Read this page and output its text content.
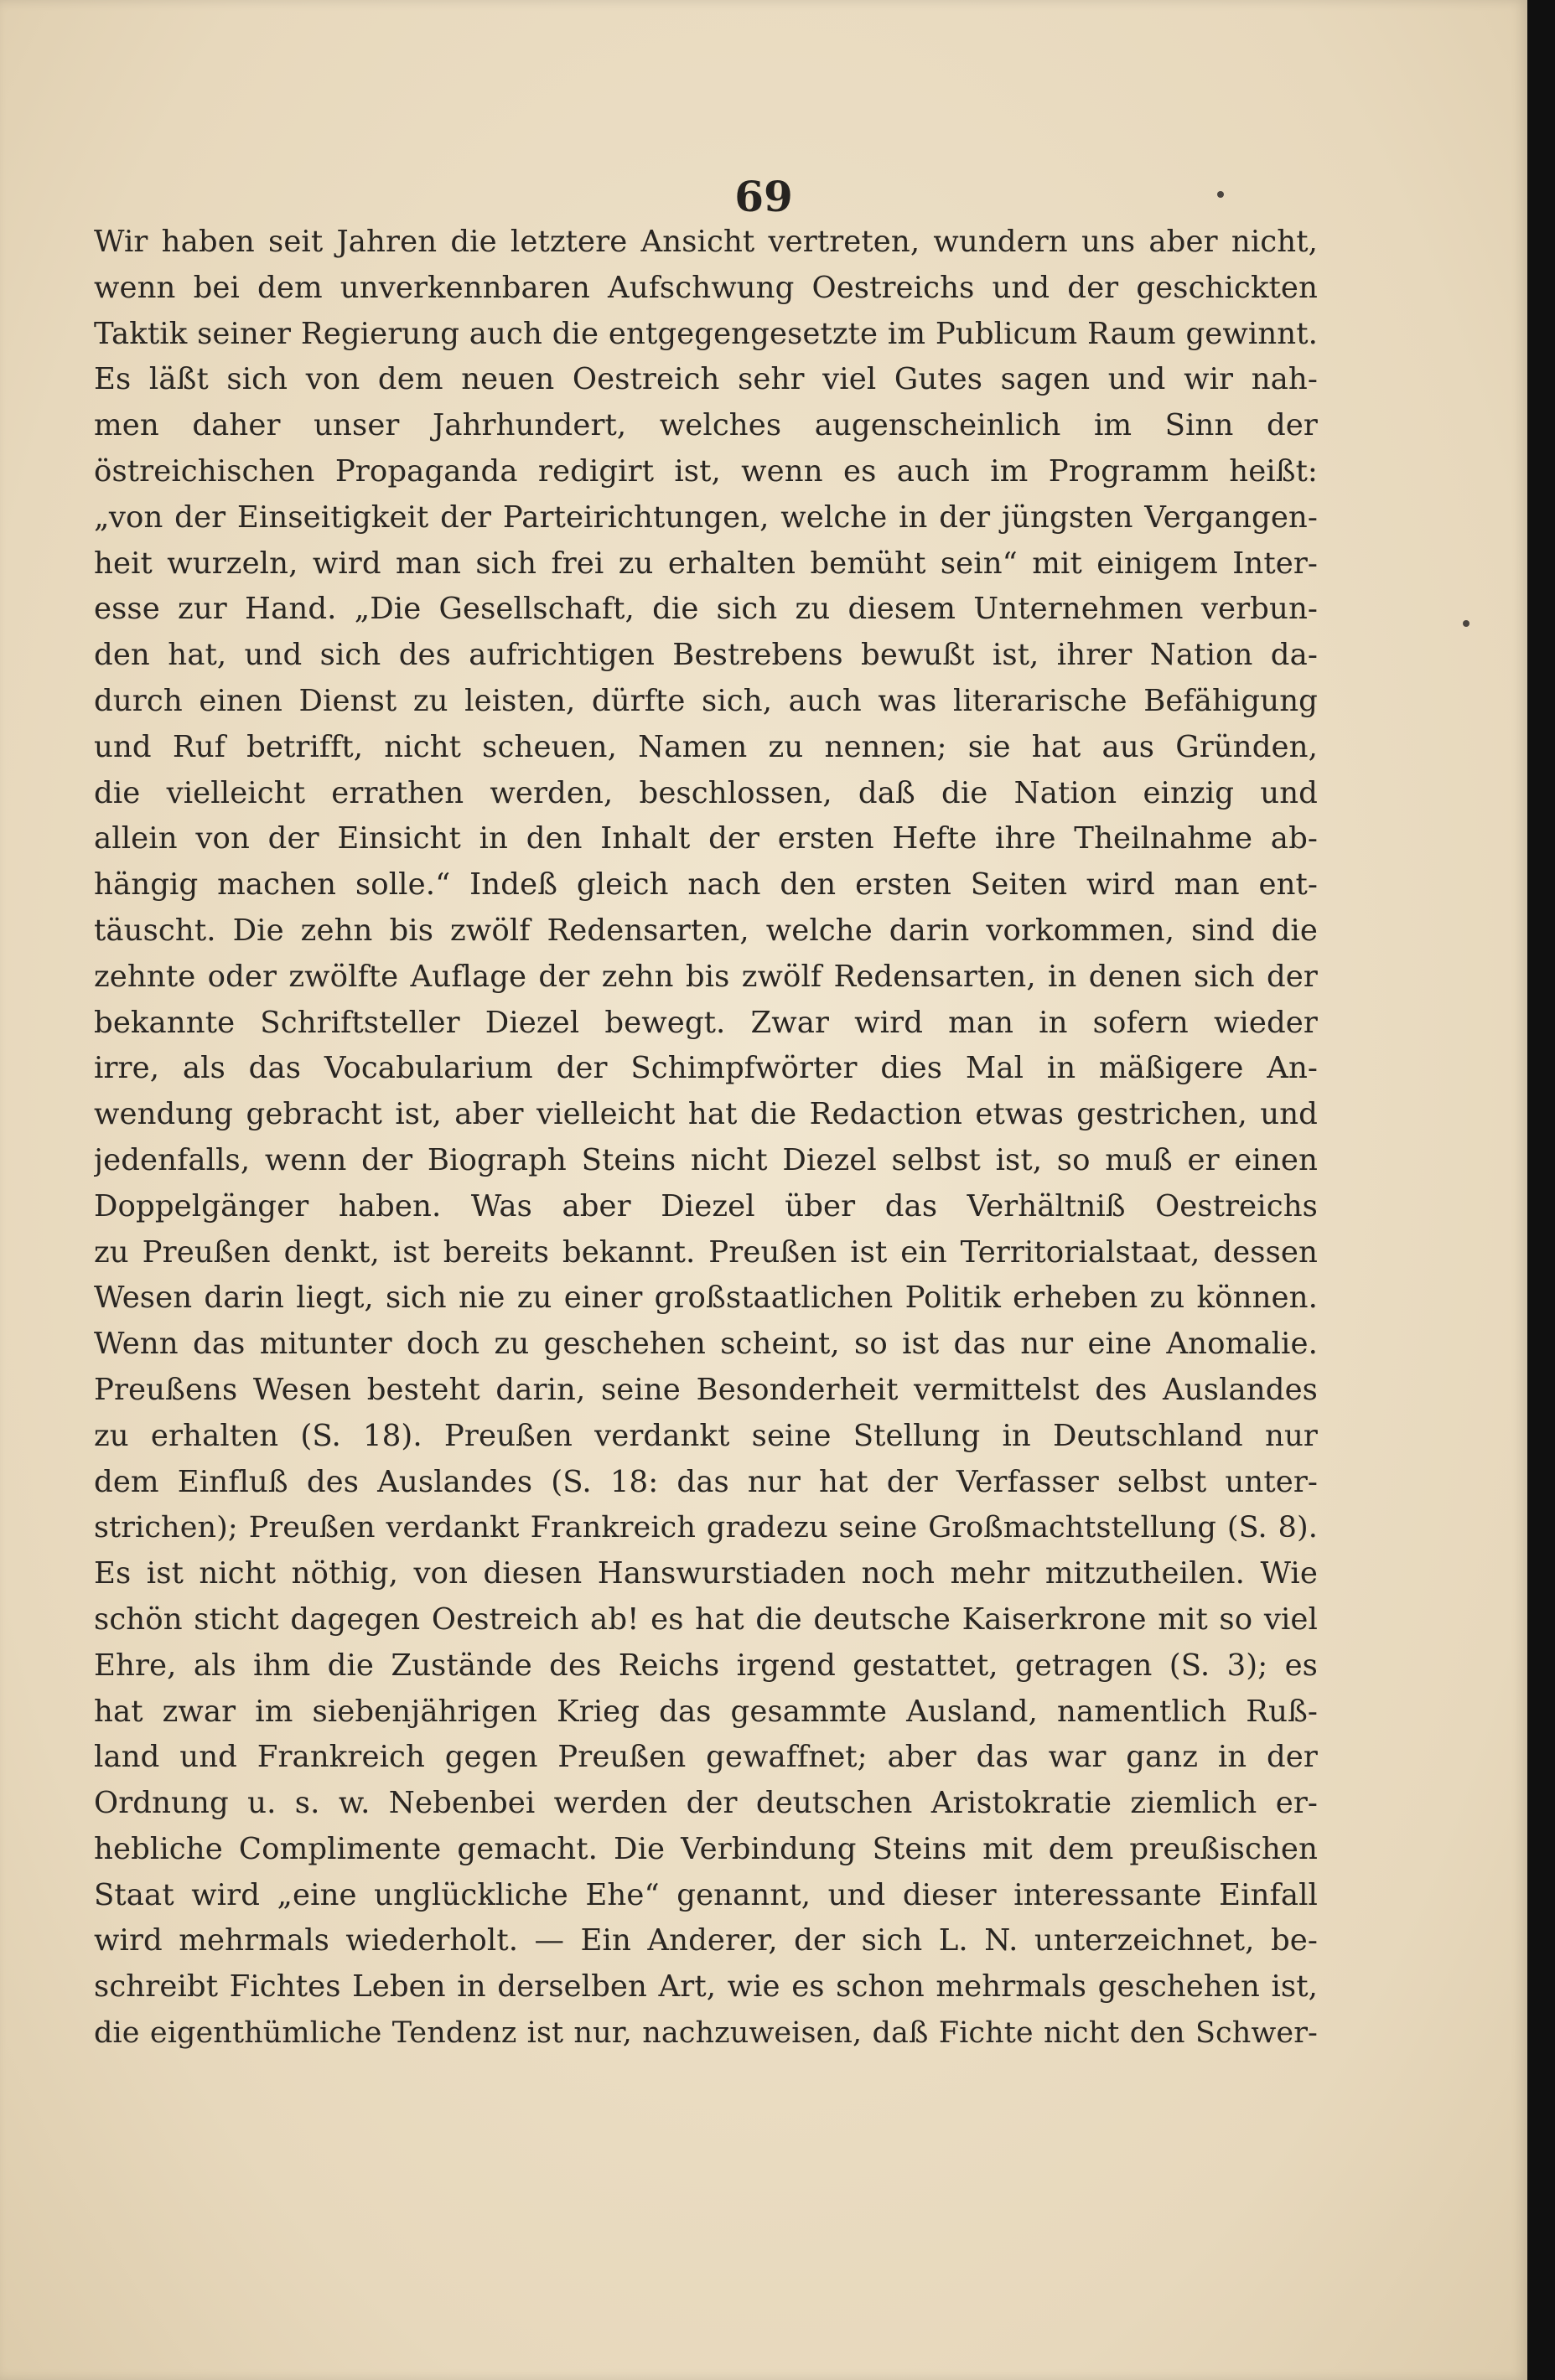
69
Wir haben seit Jahren die letztere Ansicht vertreten, wundern uns aber nicht,
wenn bei dem unverkennbaren Aufschwung Oestreichs und der geschickten
Taktik seiner Regierung auch die entgegengesetzte im Publicum Raum gewinnt.
Es läßt sich von dem neuen Oestreich sehr viel Gutes sagen und wir nah-
men daher unser Jahrhundert, welches augenscheinlich im Sinn der
östreichischen Propaganda redigirt ist, wenn es auch im Programm heißt:
„von der Einseitigkeit der Parteirichtungen, welche in der jüngsten Vergangen-
heit wurzeln, wird man sich frei zu erhalten bemüht sein“ mit einigem Inter-
esse zur Hand. „Die Gesellschaft, die sich zu diesem Unternehmen verbun-
den hat, und sich des aufrichtigen Bestrebens bewußt ist, ihrer Nation da-
durch einen Dienst zu leisten, dürfte sich, auch was literarische Befähigung
und Ruf betrifft, nicht scheuen, Namen zu nennen; sie hat aus Gründen,
die vielleicht errathen werden, beschlossen, daß die Nation einzig und
allein von der Einsicht in den Inhalt der ersten Hefte ihre Theilnahme ab-
hängig machen solle.“ Indeß gleich nach den ersten Seiten wird man ent-
täuscht. Die zehn bis zwölf Redensarten, welche darin vorkommen, sind die
zehnte oder zwölfte Auflage der zehn bis zwölf Redensarten, in denen sich der
bekannte Schriftsteller Diezel bewegt. Zwar wird man in sofern wieder
irre, als das Vocabularium der Schimpfwörter dies Mal in mäßigere An-
wendung gebracht ist, aber vielleicht hat die Redaction etwas gestrichen, und
jedenfalls, wenn der Biograph Steins nicht Diezel selbst ist, so muß er einen
Doppelgänger haben. Was aber Diezel über das Verhältniß Oestreichs
zu Preußen denkt, ist bereits bekannt. Preußen ist ein Territorialstaat, dessen
Wesen darin liegt, sich nie zu einer großstaatlichen Politik erheben zu können.
Wenn das mitunter doch zu geschehen scheint, so ist das nur eine Anomalie.
Preußens Wesen besteht darin, seine Besonderheit vermittelst des Auslandes
zu erhalten (S. 18). Preußen verdankt seine Stellung in Deutschland nur
dem Einfluß des Auslandes (S. 18: das nur hat der Verfasser selbst unter-
strichen); Preußen verdankt Frankreich gradezu seine Großmachtstellung (S. 8).
Es ist nicht nöthig, von diesen Hanswurstiaden noch mehr mitzutheilen. Wie
schön sticht dagegen Oestreich ab! es hat die deutsche Kaiserkrone mit so viel
Ehre, als ihm die Zustände des Reichs irgend gestattet, getragen (S. 3); es
hat zwar im siebenjährigen Krieg das gesammte Ausland, namentlich Ruß-
land und Frankreich gegen Preußen gewaffnet; aber das war ganz in der
Ordnung u. s. w. Nebenbei werden der deutschen Aristokratie ziemlich er-
hebliche Complimente gemacht. Die Verbindung Steins mit dem preußischen
Staat wird „eine unglückliche Ehe“ genannt, und dieser interessante Einfall
wird mehrmals wiederholt. — Ein Anderer, der sich L. N. unterzeichnet, be-
schreibt Fichtes Leben in derselben Art, wie es schon mehrmals geschehen ist,
die eigenthümliche Tendenz ist nur, nachzuweisen, daß Fichte nicht den Schwer-
